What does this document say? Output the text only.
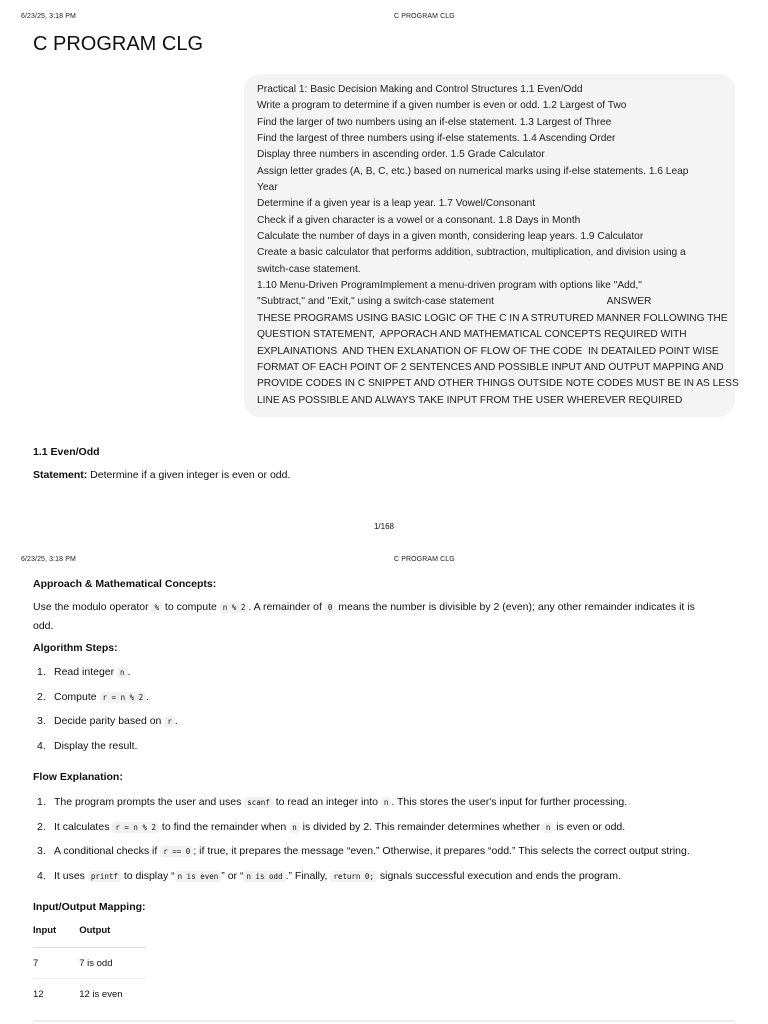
6/23/25, 3:18 PM	C PROGRAM CLG
C PROGRAM CLG
Practical 1: Basic Decision Making and Control Structures 1.1 Even/Odd
Write a program to determine if a given number is even or odd. 1.2 Largest of Two
Find the larger of two numbers using an if-else statement. 1.3 Largest of Three
Find the largest of three numbers using if-else statements. 1.4 Ascending Order
Display three numbers in ascending order. 1.5 Grade Calculator
Assign letter grades (A, B, C, etc.) based on numerical marks using if-else statements. 1.6 Leap
Year
Determine if a given year is a leap year. 1.7 Vowel/Consonant
Check if a given character is a vowel or a consonant. 1.8 Days in Month
Calculate the number of days in a given month, considering leap years. 1.9 Calculator
Create a basic calculator that performs addition, subtraction, multiplication, and division using a
switch-case statement.
1.10 Menu-Driven ProgramImplement a menu-driven program with options like "Add,"
"Subtract," and "Exit," using a switch-case statement                                        ANSWER
THESE PROGRAMS USING BASIC LOGIC OF THE C IN A STRUTURED MANNER FOLLOWING THE
QUESTION STATEMENT,  APPORACH AND MATHEMATICAL CONCEPTS REQUIRED WITH
EXPLAINATIONS  AND THEN EXLANATION OF FLOW OF THE CODE  IN DEATAILED POINT WISE
FORMAT OF EACH POINT OF 2 SENTENCES AND POSSIBLE INPUT AND OUTPUT MAPPING AND
PROVIDE CODES IN C SNIPPET AND OTHER THINGS OUTSIDE NOTE CODES MUST BE IN AS LESS
LINE AS POSSIBLE AND ALWAYS TAKE INPUT FROM THE USER WHEREVER REQUIRED
1.1 Even/Odd
Statement: Determine if a given integer is even or odd.
1/168
6/23/25, 3:18 PM	C PROGRAM CLG
Approach & Mathematical Concepts:
Use the modulo operator % to compute n % 2 . A remainder of 0 means the number is divisible by 2 (even); any other remainder indicates it is
odd.
Algorithm Steps:
1. Read integer n .
2. Compute r = n % 2 .
3. Decide parity based on r .
4. Display the result.
Flow Explanation:
1. The program prompts the user and uses scanf to read an integer into n . This stores the user's input for further processing.
2. It calculates r = n % 2 to find the remainder when n is divided by 2. This remainder determines whether n is even or odd.
3. A conditional checks if r == 0 ; if true, it prepares the message “even.” Otherwise, it prepares “odd.” This selects the correct output string.
4. It uses printf to display “ n is even ” or “ n is odd .” Finally, return 0; signals successful execution and ends the program.
Input/Output Mapping:
Input	Output
7	7 is odd
12	12 is even
